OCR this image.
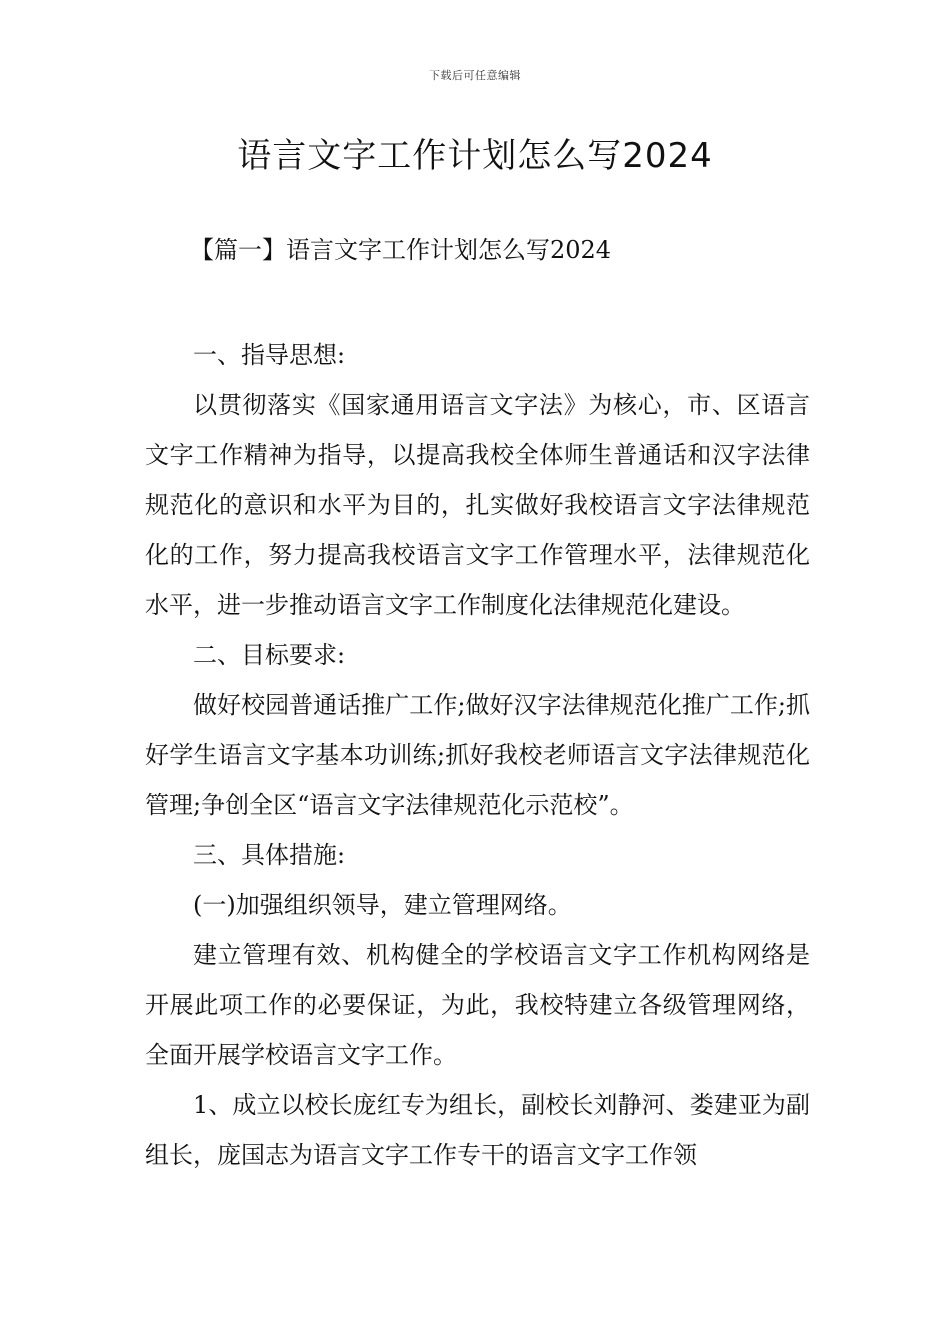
下载后可任意编辑
语言文字工作计划怎么写2024
【篇一】语言文字工作计划怎么写2024

一、指导思想:

以贯彻落实《国家通用语言文字法》为核心，市、区语言文字工作精神为指导，以提高我校全体师生普通话和汉字法律规范化的意识和水平为目的，扎实做好我校语言文字法律规范化的工作，努力提高我校语言文字工作管理水平，法律规范化水平，进一步推动语言文字工作制度化法律规范化建设。

二、目标要求:

做好校园普通话推广工作;做好汉字法律规范化推广工作;抓好学生语言文字基本功训练;抓好我校老师语言文字法律规范化管理;争创全区“语言文字法律规范化示范校”。

三、具体措施:

(一)加强组织领导，建立管理网络。

建立管理有效、机构健全的学校语言文字工作机构网络是开展此项工作的必要保证，为此，我校特建立各级管理网络，全面开展学校语言文字工作。

1、成立以校长庞红专为组长，副校长刘静河、娄建亚为副组长，庞国志为语言文字工作专干的语言文字工作领
